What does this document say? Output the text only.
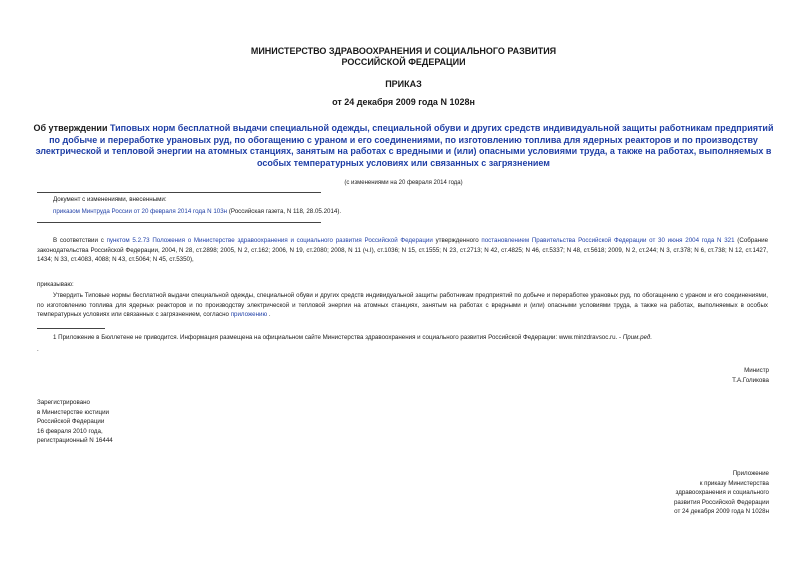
МИНИСТЕРСТВО ЗДРАВООХРАНЕНИЯ И СОЦИАЛЬНОГО РАЗВИТИЯ
РОССИЙСКОЙ ФЕДЕРАЦИИ
ПРИКАЗ
от 24 декабря 2009 года N 1028н
Об утверждении Типовых норм бесплатной выдачи специальной одежды, специальной обуви и других средств индивидуальной защиты работникам предприятий по добыче и переработке урановых руд, по обогащению с ураном и его соединениями, по изготовлению топлива для ядерных реакторов и по производству электрической и тепловой энергии на атомных станциях, занятым на работах с вредными и (или) опасными условиями труда, а также на работах, выполняемых в особых температурных условиях или связанных с загрязнением
(с изменениями на 20 февраля 2014 года)
Документ с изменениями, внесенными:
приказом Минтруда России от 20 февраля 2014 года N 103н (Российская газета, N 118, 28.05.2014).
В соответствии с пунктом 5.2.73 Положения о Министерстве здравоохранения и социального развития Российской Федерации утвержденного постановлением Правительства Российской Федерации от 30 июня 2004 года N 321 (Собрание законодательства Российской Федерации, 2004, N 28, ст.2898; 2005, N 2, ст.162; 2006, N 19, ст.2080; 2008, N 11 (ч.I), ст.1036; N 15, ст.1555; N 23, ст.2713; N 42, ст.4825; N 46, ст.5337; N 48, ст.5618; 2009, N 2, ст.244; N 3, ст.378; N 6, ст.738; N 12, ст.1427, 1434; N 33, ст.4083, 4088; N 43, ст.5064; N 45, ст.5350),
приказываю:
Утвердить Типовые нормы бесплатной выдачи специальной одежды, специальной обуви и других средств индивидуальной защиты работникам предприятий по добыче и переработке урановых руд, по обогащению с ураном и его соединениями, по изготовлению топлива для ядерных реакторов и по производству электрической и тепловой энергии на атомных станциях, занятым на работах с вредными и (или) опасными условиями труда, а также на работах, выполняемых в особых температурных условиях или связанных с загрязнением, согласно приложению .
1 Приложение в Бюллетене не приводится. Информация размещена на официальном сайте Министерства здравоохранения и социального развития Российской Федерации: www.minzdravsoc.ru. - Прим.ред.
.
Министр
Т.А.Голикова
Зарегистрировано
в Министерстве юстиции
Российской Федерации
16 февраля 2010 года,
регистрационный N 16444
Приложение
к приказу Министерства
здравоохранения и социального
развития Российской Федерации
от 24 декабря 2009 года N 1028н
